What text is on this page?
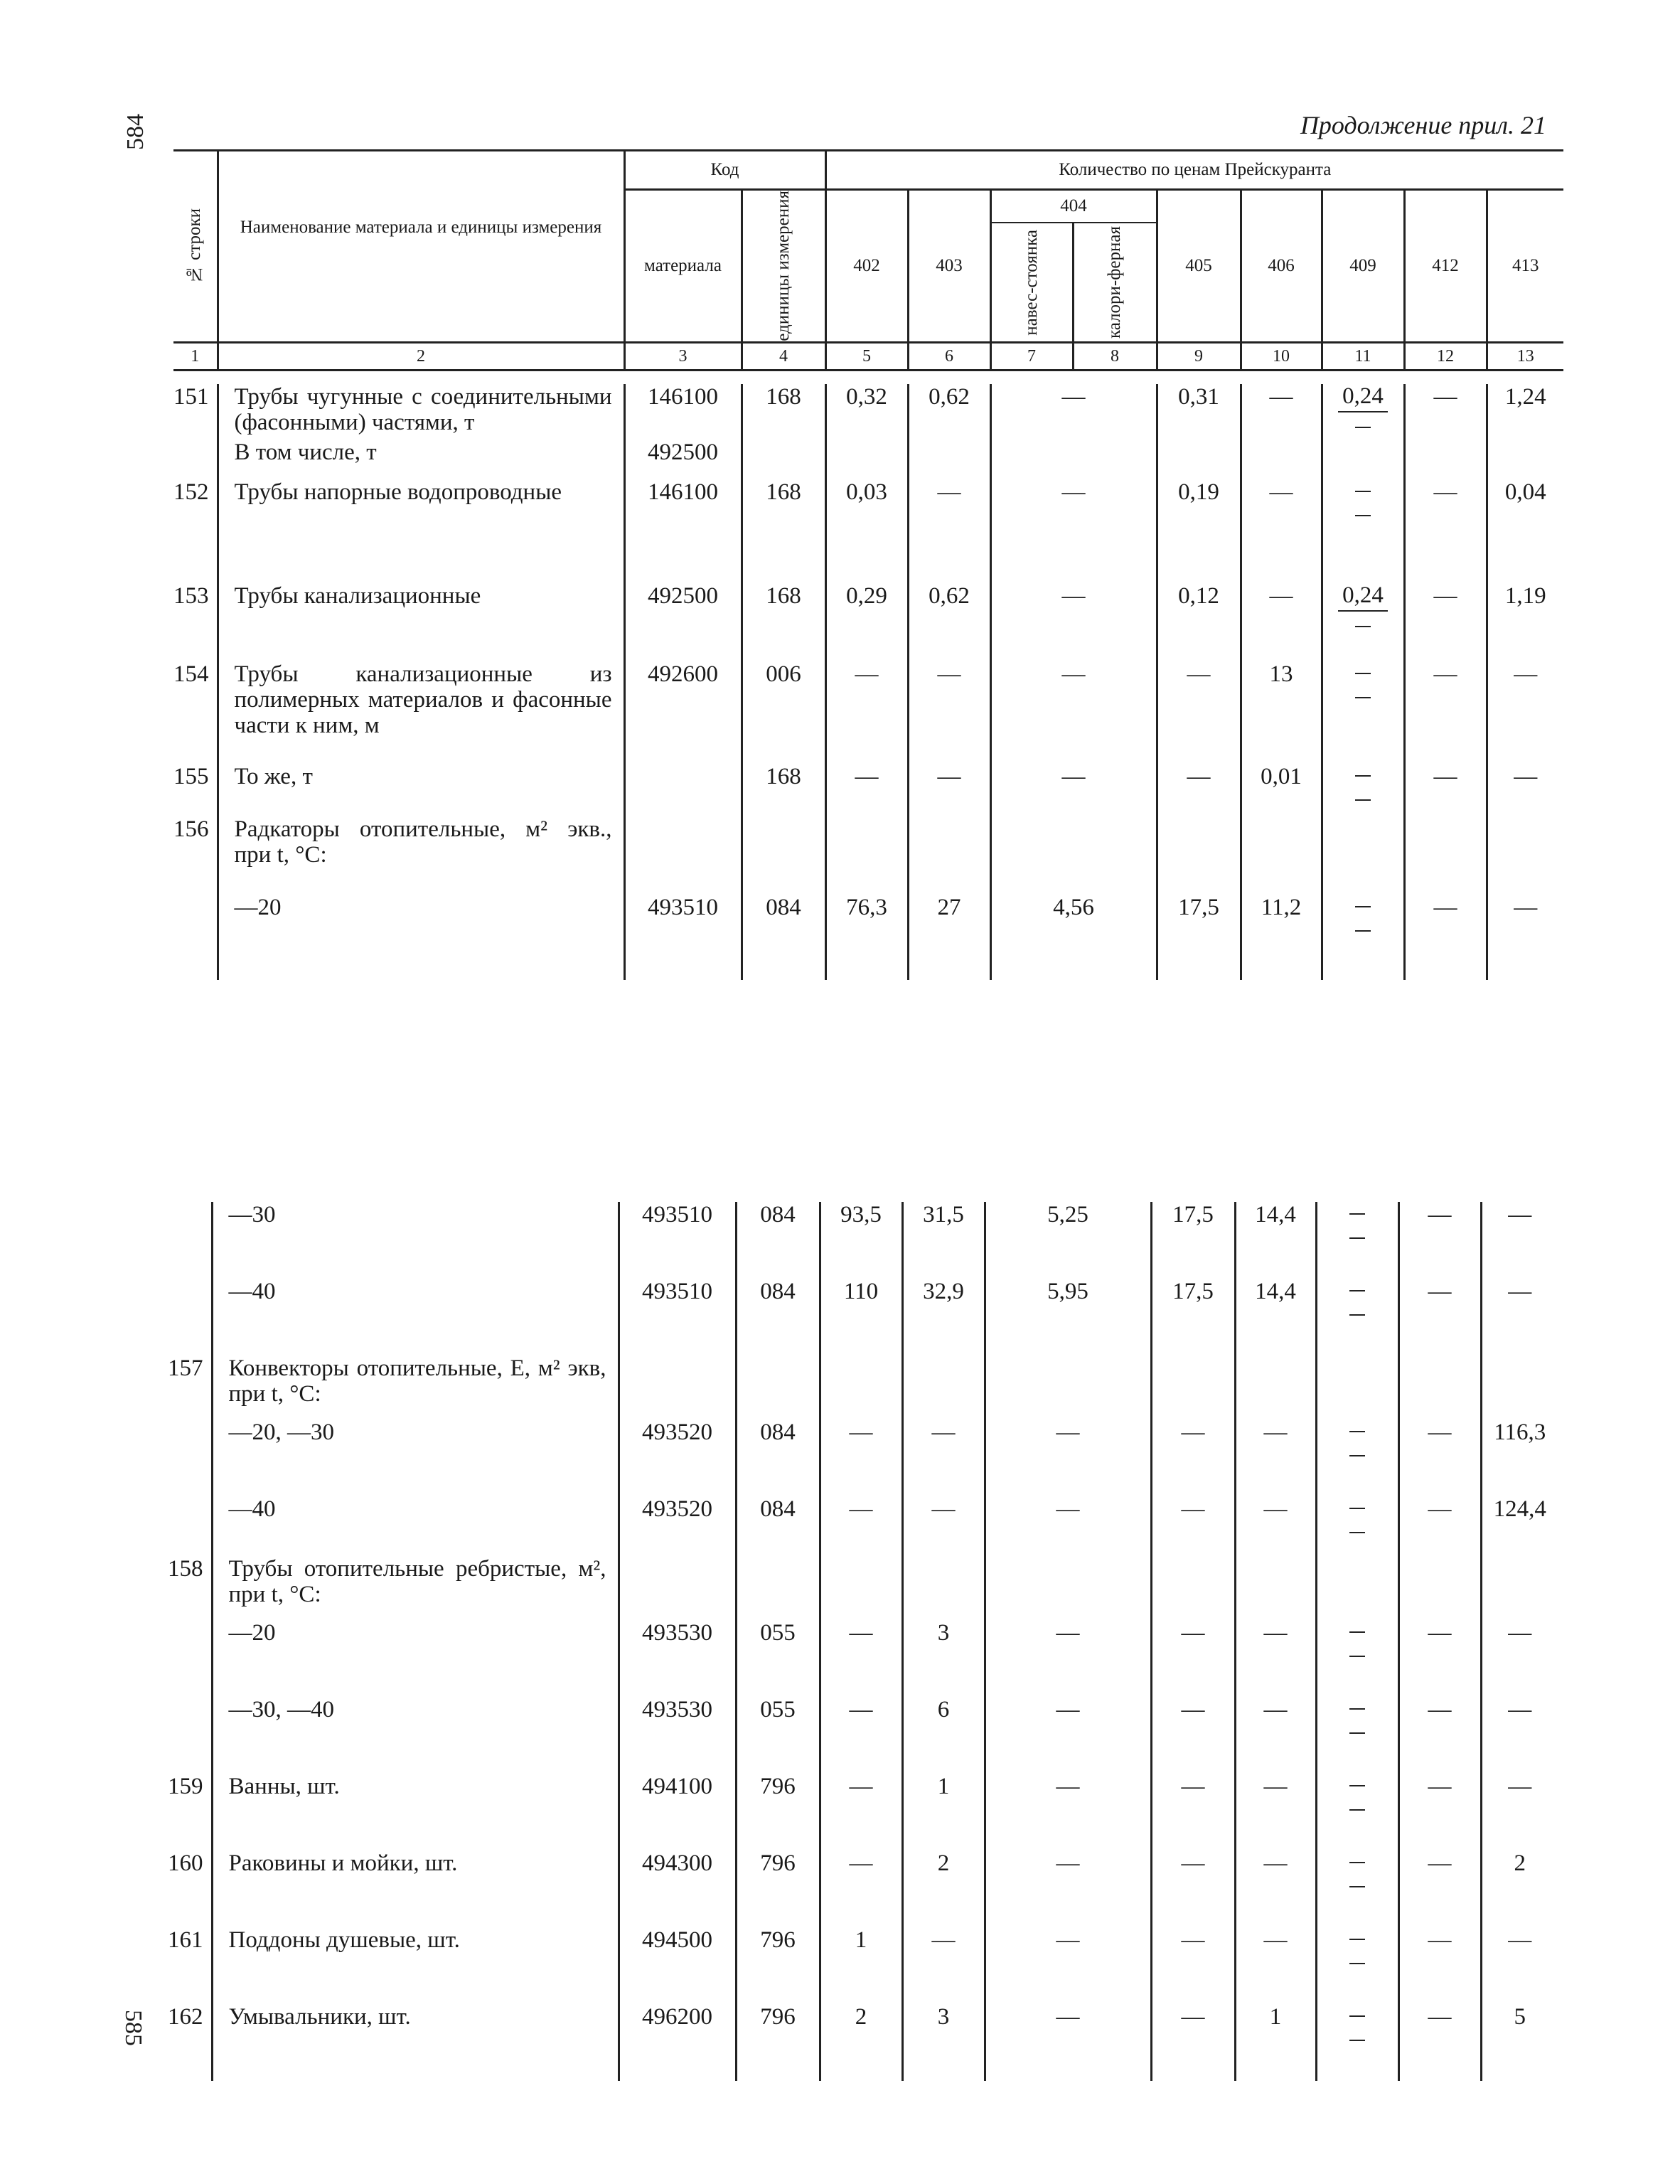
584
585
Продолжение прил. 21
№ строки	Наименование материала и единицы измерения	Код		Количество по ценам Прейскуранта								
		материала	единицы измерения	402	403	404		405	406	409	412	413

						навес-стоянка	калори-ферная					

1	2	3	4	5	6	7	8	9	10	11	12	13
151	Трубы чугунные с соединительными (фасонными) частями, т	146100	168	0,32	0,62	—	0,31	—	0,24	—	1,24
	В том числе, т	492500									
152	Трубы напорные водопроводные	146100	168	0,03	—	—	0,19	—		—	0,04
153	Трубы канализационные	492500	168	0,29	0,62	—	0,12	—	0,24	—	1,19
154	Трубы канализационные из полимерных материалов и фасонные части к ним, м	492600	006	—	—	—	—	13		—	—
155	То же, т		168	—	—	—	—	0,01		—	—
156	Радкаторы отопительные, м² экв., при t, °С:										
	—20	493510	084	76,3	27	4,56	17,5	11,2		—	—
	—30	493510	084	93,5	31,5	5,25	17,5	14,4		—	—
	—40	493510	084	110	32,9	5,95	17,5	14,4		—	—
157	Конвекторы отопительные, Е, м² экв, при t, °С:										
	—20, —30	493520	084	—	—	—	—	—		—	116,3
	—40	493520	084	—	—	—	—	—		—	124,4
158	Трубы отопительные ребристые, м², при t, °С:										
	—20	493530	055	—	3	—	—	—		—	—
	—30, —40	493530	055	—	6	—	—	—		—	—
159	Ванны, шт.	494100	796	—	1	—	—	—		—	—
160	Раковины и мойки, шт.	494300	796	—	2	—	—	—		—	2
161	Поддоны душевые, шт.	494500	796	1	—	—	—	—		—	—
162	Умывальники, шт.	496200	796	2	3	—	—	1		—	5
